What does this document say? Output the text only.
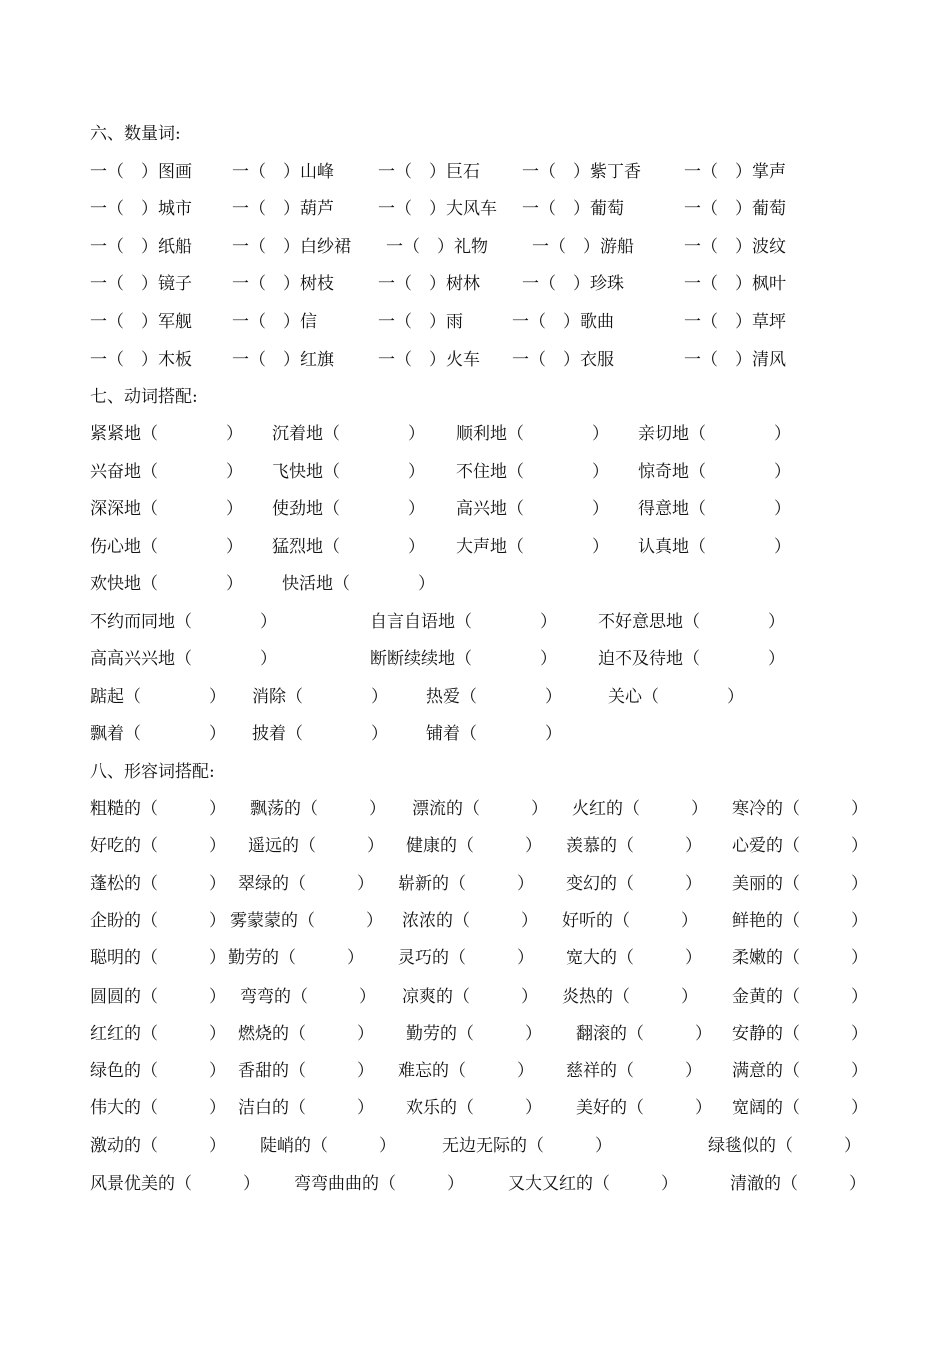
六、数量词:
一（　）图画 一（　）山峰	一（　）巨石 一（　）紫丁香	一（　）掌声
一（　）城市 一（　）葫芦	一（　）大风车 一（　）葡萄	一（　）葡萄
一（　）纸船 一（　）白纱裙 一（　）礼物	一（　）游船	一（　）波纹
一（　）镜子 一（　）树枝	一（　）树林 一（　）珍珠	一（　）枫叶
一（　）军舰 一（　）信	一（　）雨	一（　）歌曲	一（　）草坪
一（　）木板 一（　）红旗	一（　）火车 一（　）衣服	一（　）清风
七、动词搭配:
紧紧地（　　　　） 沉着地（　　　　） 顺利地（　　　　） 亲切地（　　　　）
兴奋地（　　　　） 飞快地（　　　　） 不住地（　　　　） 惊奇地（　　　　）
深深地（　　　　） 使劲地（　　　　） 高兴地（　　　　） 得意地（　　　　）
伤心地（　　　　） 猛烈地（　　　　） 大声地（　　　　） 认真地（　　　　）
欢快地（　　　　） 快活地（　　　　）
不约而同地（　　　　）	自言自语地（　　　　） 不好意思地（　　　　）
高高兴兴地（　　　　）	断断续续地（　　　　） 迫不及待地（　　　　）
踮起（　　　　） 消除（　　　　） 热爱（　　　　）	关心（　　　　）
飘着（　　　　） 披着（　　　　） 铺着（　　　　）
八、形容词搭配:
粗糙的（　　　） 飘荡的（　　　） 漂流的（　　　） 火红的（　　　） 寒冷的（　　　）
好吃的（　　　） 遥远的（　　　） 健康的（　　　） 羡慕的（　　　） 心爱的（　　　）
蓬松的（　　　） 翠绿的（　　　） 崭新的（　　　） 变幻的（　　　） 美丽的（　　　）
企盼的（　　　） 雾蒙蒙的（　　　） 浓浓的（　　　） 好听的（　　　） 鲜艳的（　　　）
聪明的（　　　） 勤劳的（　　　） 灵巧的（　　　） 宽大的（　　　） 柔嫩的（　　　）
圆圆的（　　　） 弯弯的（　　　） 凉爽的（　　　） 炎热的（　　　） 金黄的（　　　）
红红的（　　　） 燃烧的（　　　） 勤劳的（　　　） 翻滚的（　　　） 安静的（　　　）
绿色的（　　　） 香甜的（　　　） 难忘的（　　　） 慈祥的（　　　） 满意的（　　　）
伟大的（　　　） 洁白的（　　　） 欢乐的（　　　） 美好的（　　　） 宽阔的（　　　）
激动的（　　　） 陡峭的（　　　）	无边无际的（　　　）	绿毯似的（　　　）
风景优美的（　　　） 弯弯曲曲的（　　　）	又大又红的（　　　）	清澈的（　　　）
